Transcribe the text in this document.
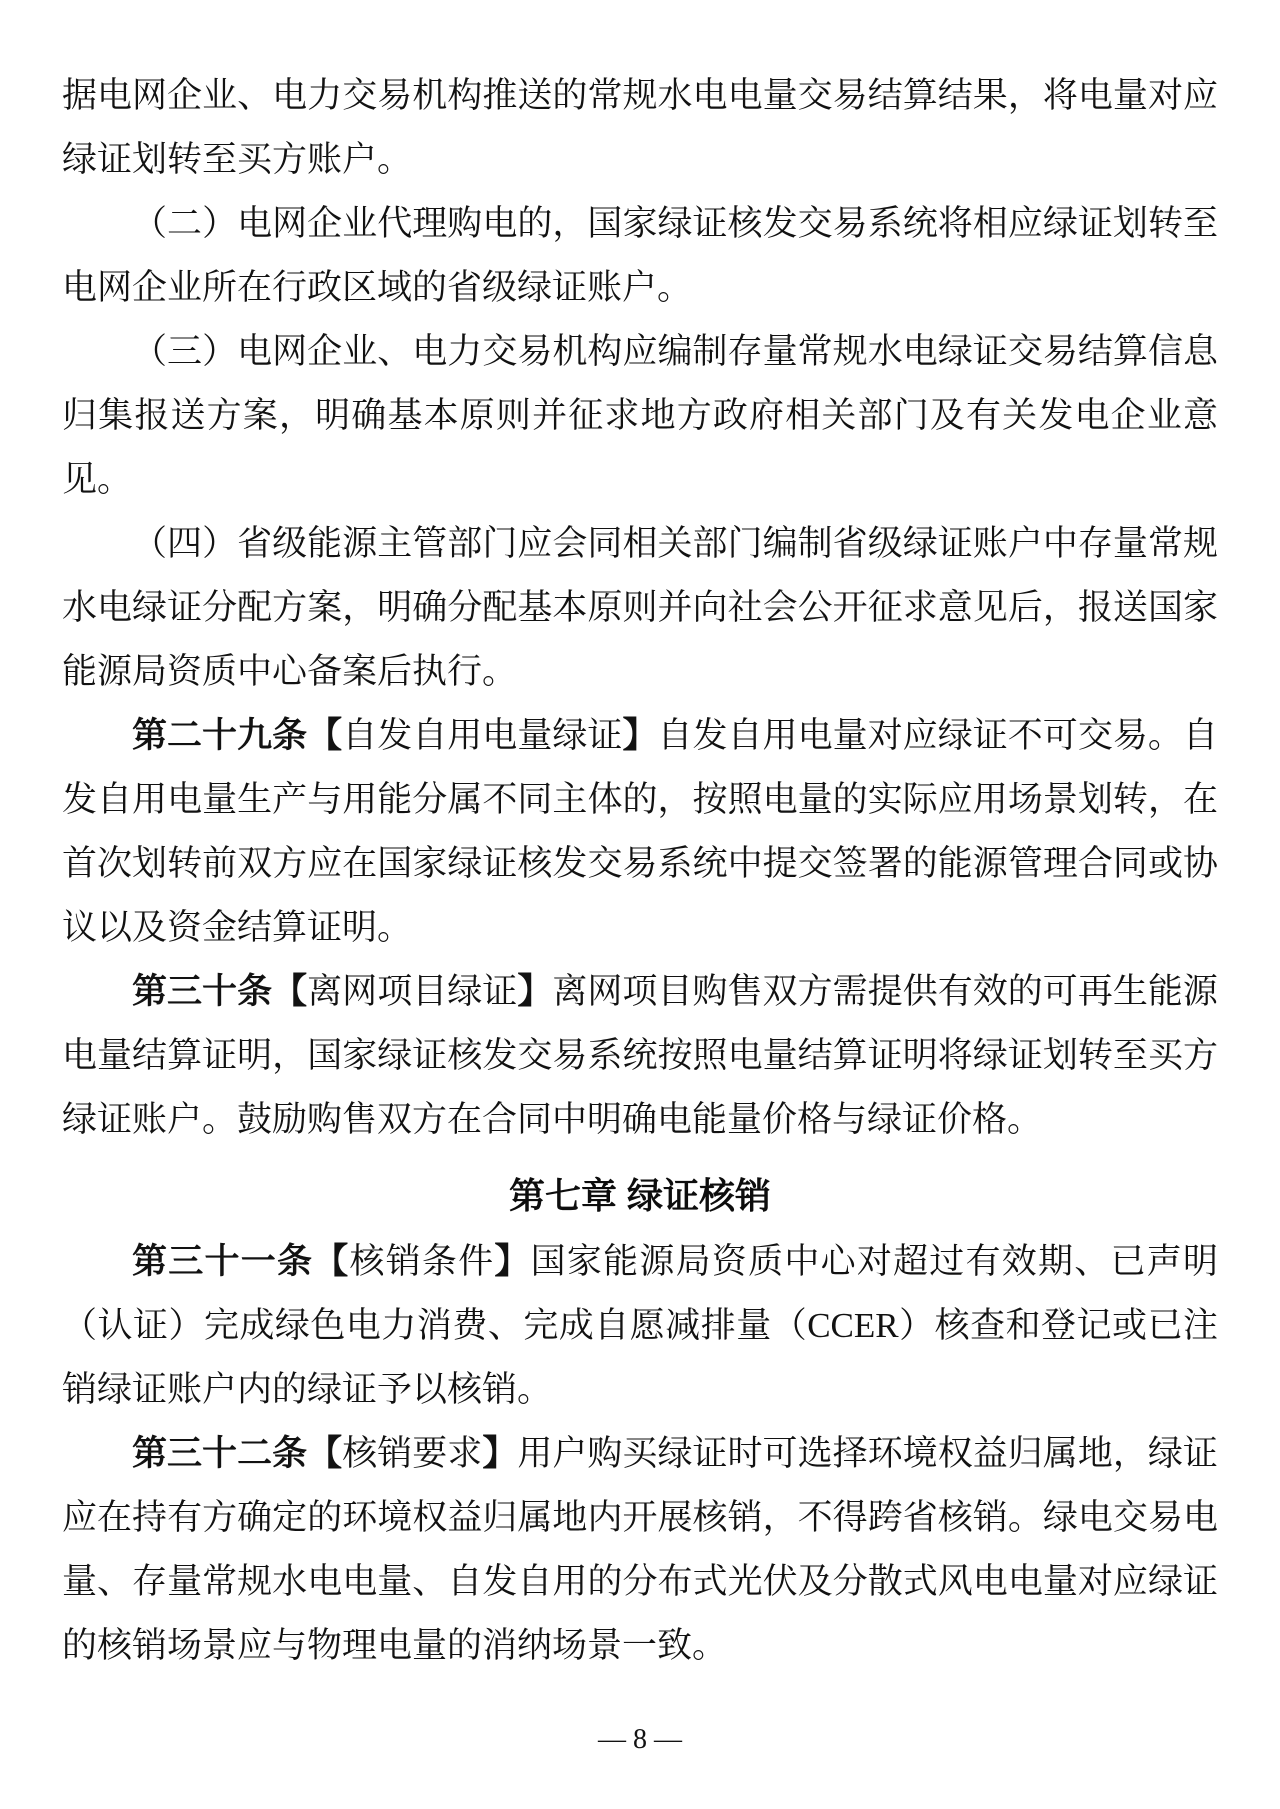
据电网企业、电力交易机构推送的常规水电电量交易结算结果，将电量对应绿证划转至买方账户。

（二）电网企业代理购电的，国家绿证核发交易系统将相应绿证划转至电网企业所在行政区域的省级绿证账户。

（三）电网企业、电力交易机构应编制存量常规水电绿证交易结算信息归集报送方案，明确基本原则并征求地方政府相关部门及有关发电企业意见。

（四）省级能源主管部门应会同相关部门编制省级绿证账户中存量常规水电绿证分配方案，明确分配基本原则并向社会公开征求意见后，报送国家能源局资质中心备案后执行。

第二十九条【自发自用电量绿证】自发自用电量对应绿证不可交易。自发自用电量生产与用能分属不同主体的，按照电量的实际应用场景划转，在首次划转前双方应在国家绿证核发交易系统中提交签署的能源管理合同或协议以及资金结算证明。

第三十条【离网项目绿证】离网项目购售双方需提供有效的可再生能源电量结算证明，国家绿证核发交易系统按照电量结算证明将绿证划转至买方绿证账户。鼓励购售双方在合同中明确电能量价格与绿证价格。

第七章 绿证核销

第三十一条【核销条件】国家能源局资质中心对超过有效期、已声明（认证）完成绿色电力消费、完成自愿减排量（CCER）核查和登记或已注销绿证账户内的绿证予以核销。

第三十二条【核销要求】用户购买绿证时可选择环境权益归属地，绿证应在持有方确定的环境权益归属地内开展核销，不得跨省核销。绿电交易电量、存量常规水电电量、自发自用的分布式光伏及分散式风电电量对应绿证的核销场景应与物理电量的消纳场景一致。

— 8 —
